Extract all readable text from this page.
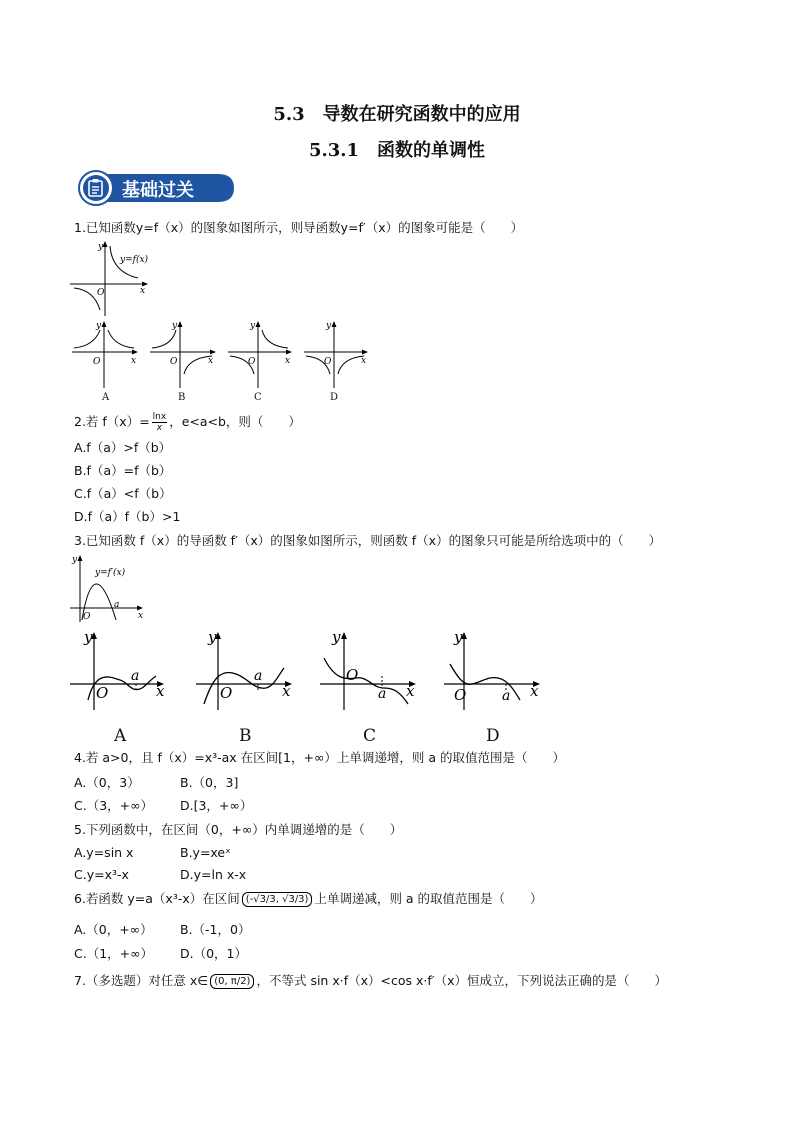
5.3　导数在研究函数中的应用
5.3.1　函数的单调性
基础过关
1.已知函数y=f（x）的图象如图所示，则导函数y=f′（x）的图象可能是（　　）
y
x
O
y=f(x)
y
x
O
y
x
O
y
x
O
y
x
O
A	B	C	D
2.若 $f(x)= \frac{\ln x}{x}$ ，e<a<b，则（　　）
A.f（a）>f（b）
B.f（a）=f（b）
C.f（a）<f（b）
D.f（a）f（b）>1
3.已知函数 f（x）的导函数 f′（x）的图象如图所示，则函数 f（x）的图象只可能是所给选项中的（　　）
y
x
O
a
y=f′(x)
y
x
O
a
y
x
O
a
y
x
O
a
y
x
O	a
A	B	C	D
4.若 a>0，且 f（x）=x³-ax 在区间[1，+∞）上单调递增，则 a 的取值范围是（　　）
A.（0，3）	B.（0，3]
C.（3，+∞） D.[3，+∞）
5.下列函数中，在区间（0，+∞）内单调递增的是（　　）
A.y=sin x	B.y=xeˣ
C.y=x³-x	D.y=ln x-x
6.若函数 y=a（x³-x）在区间 (-√3/3, √3/3) 上单调递减，则 a 的取值范围是（　　）
A.（0，+∞） B.（-1，0）
C.（1，+∞） D.（0，1）
7.（多选题）对任意 x∈ (0, π/2) ，不等式 sin x·f（x）<cos x·f′（x）恒成立，下列说法正确的是（　　）
